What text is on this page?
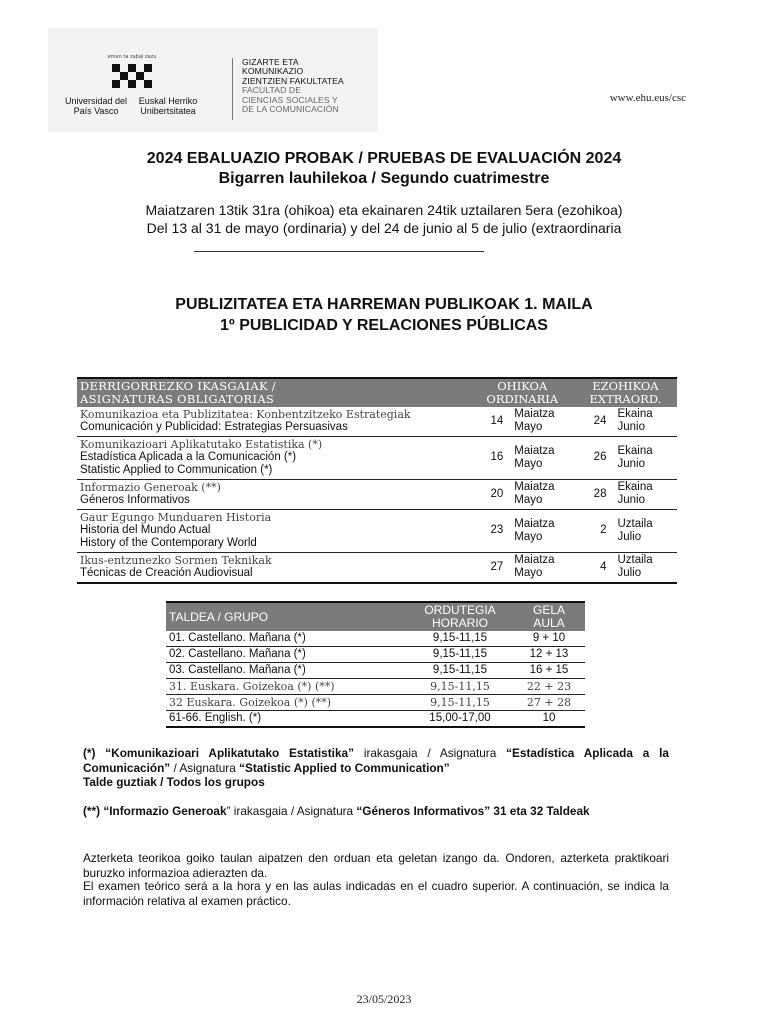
eman ta zabal zazu
Universidad del País Vasco
Euskal Herriko Unibertsitatea
GIZARTE ETA
KOMUNIKAZIO
ZIENTZIEN FAKULTATEA
FACULTAD DE
CIENCIAS SOCIALES Y
DE LA COMUNICACIÓN
www.ehu.eus/csc
2024 EBALUAZIO PROBAK / PRUEBAS DE EVALUACIÓN 2024
Bigarren lauhilekoa / Segundo cuatrimestre
Maiatzaren 13tik 31ra (ohikoa) eta ekainaren 24tik uztailaren 5era (ezohikoa)
Del 13 al 31 de mayo (ordinaria) y del 24 de junio al 5 de julio (extraordinaria
PUBLIZITATEA ETA HARREMAN PUBLIKOAK 1. MAILA
1º PUBLICIDAD Y RELACIONES PÚBLICAS
DERRIGORREZKO IKASGAIAK /
ASIGNATURAS OBLIGATORIAS	OHIKOA
ORDINARIA		EZOHIKOA
EXTRAORD.	

Komunikazioa eta Publizitatea: Konbentzitzeko Estrategiak
Comunicación y Publicidad: Estrategias Persuasivas	14	Maiatza
Mayo	24	Ekaina
Junio

Komunikazioari Aplikatutako Estatistika (*)
Estadística Aplicada a la Comunicación (*)
Statistic Applied to Communication (*)	16	Maiatza
Mayo	26	Ekaina
Junio

Informazio Generoak (**)
Géneros Informativos	20	Maiatza
Mayo	28	Ekaina
Junio

Gaur Egungo Munduaren Historia
Historia del Mundo Actual
History of the Contemporary World	23	Maiatza
Mayo	2	Uztaila
Julio

Ikus-entzunezko Sormen Teknikak
Técnicas de Creación Audiovisual	27	Maiatza
Mayo	4	Uztaila
Julio
TALDEA / GRUPO	ORDUTEGIA
HORARIO	GELA
AULA

01. Castellano. Mañana (*)	9,15-11,15	9 + 10
02. Castellano. Mañana (*)	9,15-11,15	12 + 13
03. Castellano. Mañana (*)	9,15-11,15	16 + 15
31. Euskara. Goizekoa (*) (**)	9,15-11,15	22 + 23
32 Euskara. Goizekoa (*) (**)	9,15-11,15	27 + 28
61-66. English. (*)	15,00-17,00	10
(*) “Komunikazioari Aplikatutako Estatistika” irakasgaia / Asignatura “Estadística Aplicada a la Comunicación” / Asignatura “Statistic Applied to Communication”
Talde guztiak / Todos los grupos
(**) “Informazio Generoak” irakasgaia / Asignatura “Géneros Informativos” 31 eta 32 Taldeak
Azterketa teorikoa goiko taulan aipatzen den orduan eta geletan izango da. Ondoren, azterketa praktikoari buruzko informazioa adierazten da.
El examen teórico será a la hora y en las aulas indicadas en el cuadro superior. A continuación, se indica la información relativa al examen práctico.
23/05/2023
